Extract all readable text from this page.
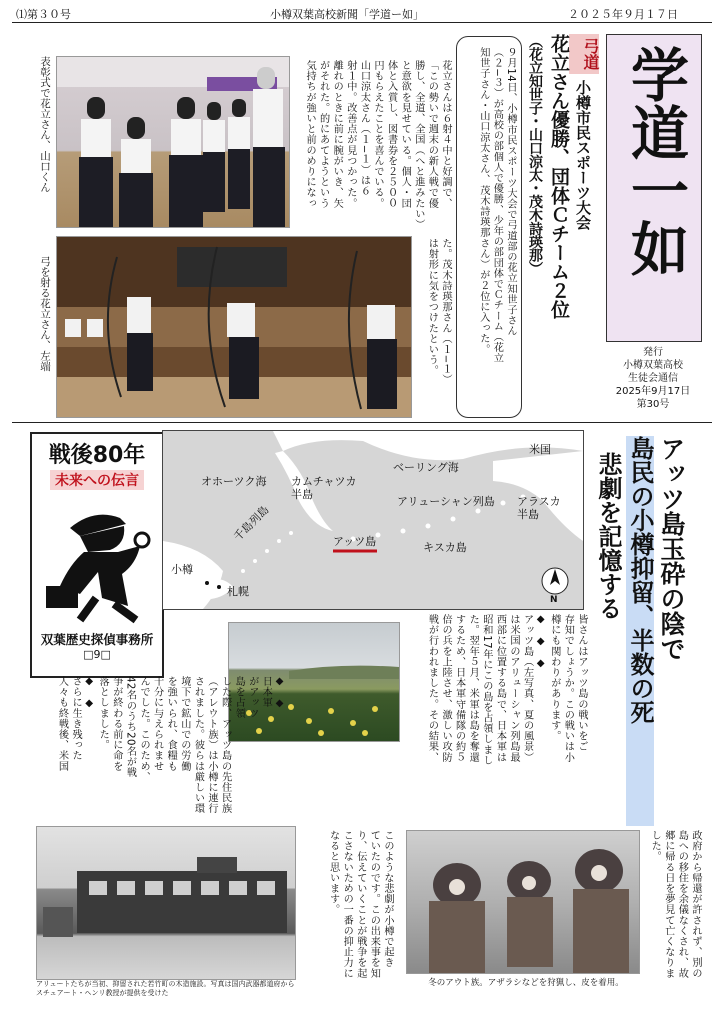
⑴第３０号	小樽双葉高校新聞「学道ー如」	２０２５年９月１７日
学道一如
発行
小樽双葉高校
生徒会通信
2025年9月17日
第30号
弓道
小樽市民スポーツ大会
花立さん優勝、団体Ｃチーム２位
（花立知世子・山口涼太・茂木詩瑛那）
９月14日、小樽市民スポーツ大会で弓道部の花立知世子さん
（２−３）が高校の部個人で優勝、少年の部団体でＣチーム（花立
知世子さん・山口涼太さん、茂木詩瑛那さん）が２位に入った。
花立さんは６射４中と好調で、
「この勢いで週末の新人戦で優
勝し、全道、全国（へと進みたい）
と意欲を見せている。個人・団
体と入賞し、図書券を２５００
円もらえたことを喜んでいる。
山口涼太さん（１−１）は６
射１中。改善点が見つかった。
離れのときに前に腕がいき、矢
がそれた。的にあてようという
気持ちが強いと前のめりになっ
た。茂木詩瑛那さん（１−１）
は射形に気をつけたという。
表彰式で花立さん、山口くん
弓を射る花立さん、左端
戦後80年
未来への伝言
双葉歴史探偵事務所
□9□
オホーツク海 カムチャツカ
半島
ベーリング海
米国
アリューシャン列島 アラスカ
半島
千島列島	アッツ島	キスカ島
小樽
札幌
N	アッツ島玉砕の陰で
島民の小樽抑留、半数の死
悲劇を記憶する
皆さんはアッツ島の戦いをご
存知でしょうか。この戦いは小
樽にも関わりがあります。
◆　◆　◆
アッツ島（左写真、夏の風景）
は米国のアリューシャン列島最
西部に位置する島で、日本軍は
昭和17年にこの島を占領しまし
た。翌年５月、米軍は島を奪還
するため、日本軍守備隊の約５
倍の兵を上陸させ、激しい攻防
戦が行われました。その結果、
◆　◆
日本軍
がアッツ
島を占領
した際、アッツ島の先住民族
（アレウト族）は小樽に連行
されました。彼らは厳しい環
境下で鉱山での労働
を強いられ、食糧も
十分に与えられませ
んでした。このため、
42名のうち20名が戦
争が終わる前に命を
落としました。
◆　◆
さらに生き残った
人々も終戦後、米国
アリュートたちが当初、抑留された若竹町の木造施設。写真は国内武器都道府からスチュアート・ヘンリ教授が提供を受けた
このような悲劇が小樽で起き
ていたのです。この出来事を知
り、伝えていくことが戦争を起
こさないための一番の抑止力に
なると思います。
冬のアウト族。アザラシなどを狩猟し、皮を着用。
政府から帰還が許されず、別の
島への移住を余儀なくされ、故
郷に帰る日を夢見て亡くなりま
した。
